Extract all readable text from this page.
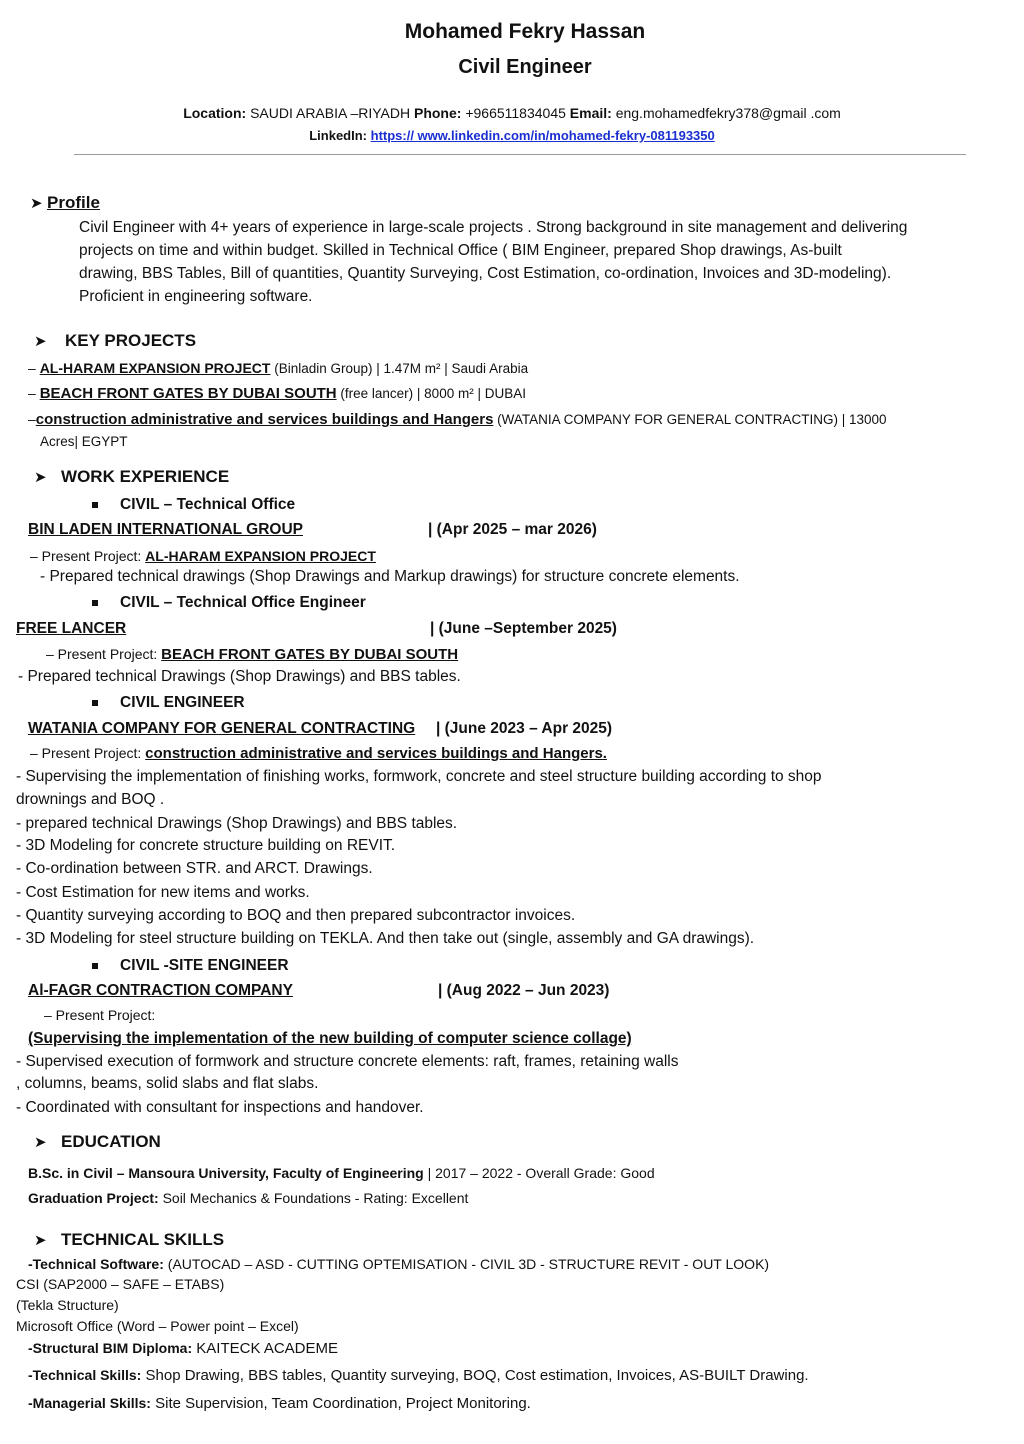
Mohamed Fekry Hassan
Civil Engineer
Location: SAUDI ARABIA –RIYADH Phone: +966511834045 Email: eng.mohamedfekry378@gmail .com
LinkedIn: https:// www.linkedin.com/in/mohamed-fekry-081193350
➤ Profile
Civil Engineer with 4+ years of experience in large-scale projects . Strong background in site management and delivering
projects on time and within budget. Skilled in Technical Office ( BIM Engineer, prepared Shop drawings, As-built
drawing, BBS Tables, Bill of quantities, Quantity Surveying, Cost Estimation, co-ordination, Invoices and 3D-modeling).
Proficient in engineering software.
➤ KEY PROJECTS
– AL-HARAM EXPANSION PROJECT (Binladin Group) | 1.47M m² | Saudi Arabia
– BEACH FRONT GATES BY DUBAI SOUTH (free lancer) | 8000 m² | DUBAI
–construction administrative and services buildings and Hangers (WATANIA COMPANY FOR GENERAL CONTRACTING) | 13000
Acres| EGYPT
➤ WORK EXPERIENCE
CIVIL – Technical Office
BIN LADEN INTERNATIONAL GROUP	| (Apr 2025 – mar 2026)
– Present Project: AL-HARAM EXPANSION PROJECT
- Prepared technical drawings (Shop Drawings and Markup drawings) for structure concrete elements.
CIVIL – Technical Office Engineer
FREE LANCER	| (June –September 2025)
– Present Project: BEACH FRONT GATES BY DUBAI SOUTH
- Prepared technical Drawings (Shop Drawings) and BBS tables.
CIVIL ENGINEER
WATANIA COMPANY FOR GENERAL CONTRACTING | (June 2023 – Apr 2025)
– Present Project: construction administrative and services buildings and Hangers.
- Supervising the implementation of finishing works, formwork, concrete and steel structure building according to shop
drownings and BOQ .
- prepared technical Drawings (Shop Drawings) and BBS tables.
- 3D Modeling for concrete structure building on REVIT.
- Co-ordination between STR. and ARCT. Drawings.
- Cost Estimation for new items and works.
- Quantity surveying according to BOQ and then prepared subcontractor invoices.
- 3D Modeling for steel structure building on TEKLA. And then take out (single, assembly and GA drawings).
CIVIL -SITE ENGINEER
Al-FAGR CONTRACTION COMPANY	| (Aug 2022 – Jun 2023)
– Present Project:
(Supervising the implementation of the new building of computer science collage)
- Supervised execution of formwork and structure concrete elements: raft, frames, retaining walls
, columns, beams, solid slabs and flat slabs.
- Coordinated with consultant for inspections and handover.
➤ EDUCATION
B.Sc. in Civil – Mansoura University, Faculty of Engineering | 2017 – 2022 - Overall Grade: Good
Graduation Project: Soil Mechanics & Foundations - Rating: Excellent
➤ TECHNICAL SKILLS
-Technical Software: (AUTOCAD – ASD - CUTTING OPTEMISATION - CIVIL 3D - STRUCTURE REVIT - OUT LOOK)
CSI (SAP2000 – SAFE – ETABS)
(Tekla Structure)
Microsoft Office (Word – Power point – Excel)
-Structural BIM Diploma: KAITECK ACADEME
-Technical Skills: Shop Drawing, BBS tables, Quantity surveying, BOQ, Cost estimation, Invoices, AS-BUILT Drawing.
-Managerial Skills: Site Supervision, Team Coordination, Project Monitoring.
